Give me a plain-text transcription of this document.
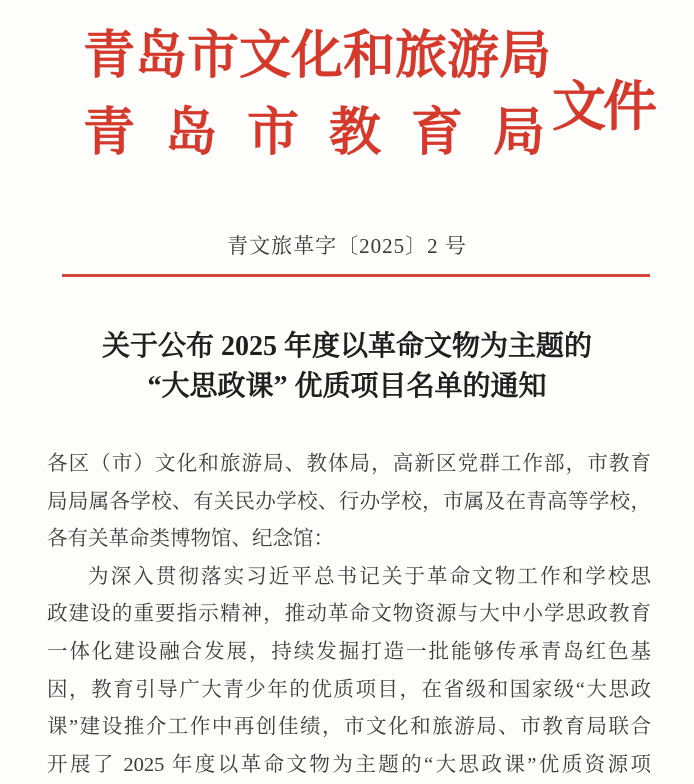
青岛市文化和旅游局
青岛市教育局 文件
青文旅革字〔2025〕2 号
关于公布 2025 年度以革命文物为主题的
“大思政课” 优质项目名单的通知
各区（市）文化和旅游局、教体局，高新区党群工作部，市教育
局局属各学校、有关民办学校、行办学校，市属及在青高等学校，
各有关革命类博物馆、纪念馆：
为深入贯彻落实习近平总书记关于革命文物工作和学校思
政建设的重要指示精神，推动革命文物资源与大中小学思政教育
一体化建设融合发展，持续发掘打造一批能够传承青岛红色基
因，教育引导广大青少年的优质项目，在省级和国家级“大思政
课”建设推介工作中再创佳绩，市文化和旅游局、市教育局联合
开展了 2025 年度以革命文物为主题的“大思政课”优质资源项
